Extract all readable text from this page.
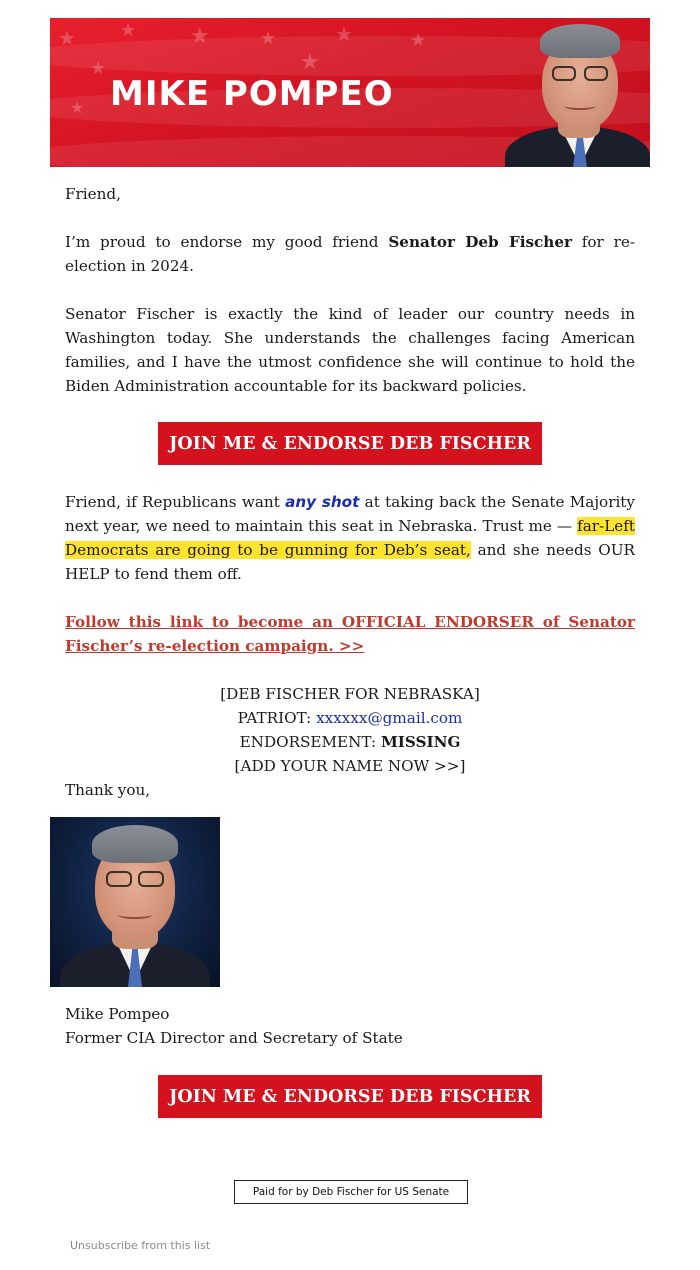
★ ★ ★	★	★	★
★	★
★ MIKE POMPEO

Friend,

I’m proud to endorse my good friend Senator Deb Fischer for re-election in 2024.

Senator Fischer is exactly the kind of leader our country needs in Washington today. She understands the challenges facing American families, and I have the utmost confidence she will continue to hold the Biden Administration accountable for its backward policies.

JOIN ME & ENDORSE DEB FISCHER

Friend, if Republicans want any shot at taking back the Senate Majority next year, we need to maintain this seat in Nebraska. Trust me — far-Left Democrats are going to be gunning for Deb’s seat, and she needs OUR HELP to fend them off.

Follow this link to become an OFFICIAL ENDORSER of Senator Fischer’s re-election campaign. >>
[DEB FISCHER FOR NEBRASKA]
PATRIOT: xxxxxx@gmail.com
ENDORSEMENT: MISSING
[ADD YOUR NAME NOW >>]

Thank you,

Mike Pompeo
Former CIA Director and Secretary of State
JOIN ME & ENDORSE DEB FISCHER
Paid for by Deb Fischer for US Senate
Unsubscribe from this list
